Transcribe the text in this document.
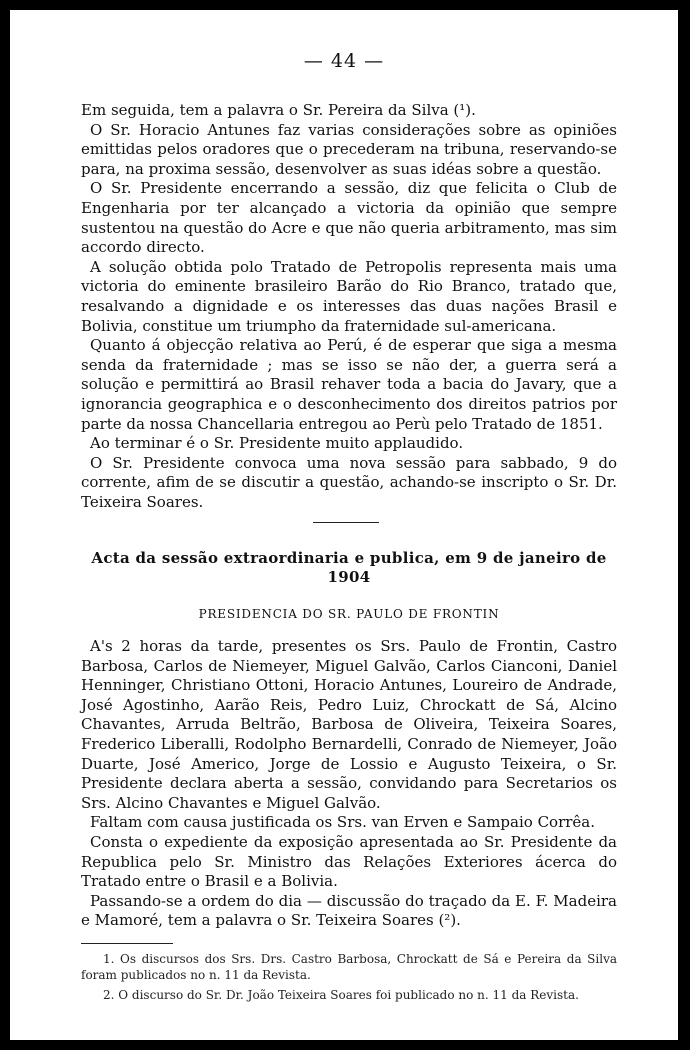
— 44 —

Em seguida, tem a palavra o Sr. Pereira da Silva (¹).

O Sr. Horacio Antunes faz varias considerações sobre as opiniões emittidas pelos oradores que o precederam na tribuna, reservando-se para, na proxima sessão, desenvolver as suas idéas sobre a questão.

O Sr. Presidente encerrando a sessão, diz que felicita o Club de Engenharia por ter alcançado a victoria da opinião que sempre sustentou na questão do Acre e que não queria arbitramento, mas sim accordo directo.

A solução obtida polo Tratado de Petropolis representa mais uma victoria do eminente brasileiro Barão do Rio Branco, tratado que, resalvando a dignidade e os interesses das duas nações Brasil e Bolivia, constitue um triumpho da fraternidade sul-americana.

Quanto á objecção relativa ao Perú, é de esperar que siga a mesma senda da fraternidade ; mas se isso se não der, a guerra será a solução e permittirá ao Brasil rehaver toda a bacia do Javary, que a ignorancia geographica e o desconhecimento dos direitos patrios por parte da nossa Chancellaria entregou ao Perù pelo Tratado de 1851.

Ao terminar é o Sr. Presidente muito applaudido.

O Sr. Presidente convoca uma nova sessão para sabbado, 9 do corrente, afim de se discutir a questão, achando-se inscripto o Sr. Dr. Teixeira Soares.

Acta da sessão extraordinaria e publica, em 9 de janeiro de 1904
PRESIDENCIA DO SR. PAULO DE FRONTIN

A's 2 horas da tarde, presentes os Srs. Paulo de Frontin, Castro Barbosa, Carlos de Niemeyer, Miguel Galvão, Carlos Cianconi, Daniel Henninger, Christiano Ottoni, Horacio Antunes, Loureiro de Andrade, José Agostinho, Aarão Reis, Pedro Luiz, Chrockatt de Sá, Alcino Chavantes, Arruda Beltrão, Barbosa de Oliveira, Teixeira Soares, Frederico Liberalli, Rodolpho Bernardelli, Conrado de Niemeyer, João Duarte, José Americo, Jorge de Lossio e Augusto Teixeira, o Sr. Presidente declara aberta a sessão, convidando para Secretarios os Srs. Alcino Chavantes e Miguel Galvão.

Faltam com causa justificada os Srs. van Erven e Sampaio Corrêa.

Consta o expediente da exposição apresentada ao Sr. Presidente da Republica pelo Sr. Ministro das Relações Exteriores ácerca do Tratado entre o Brasil e a Bolivia.

Passando-se a ordem do dia — discussão do traçado da E. F. Madeira e Mamoré, tem a palavra o Sr. Teixeira Soares (²).

1. Os discursos dos Srs. Drs. Castro Barbosa, Chrockatt de Sá e Pereira da Silva foram publicados no n. 11 da Revista.

2. O discurso do Sr. Dr. João Teixeira Soares foi publicado no n. 11 da Revista.
